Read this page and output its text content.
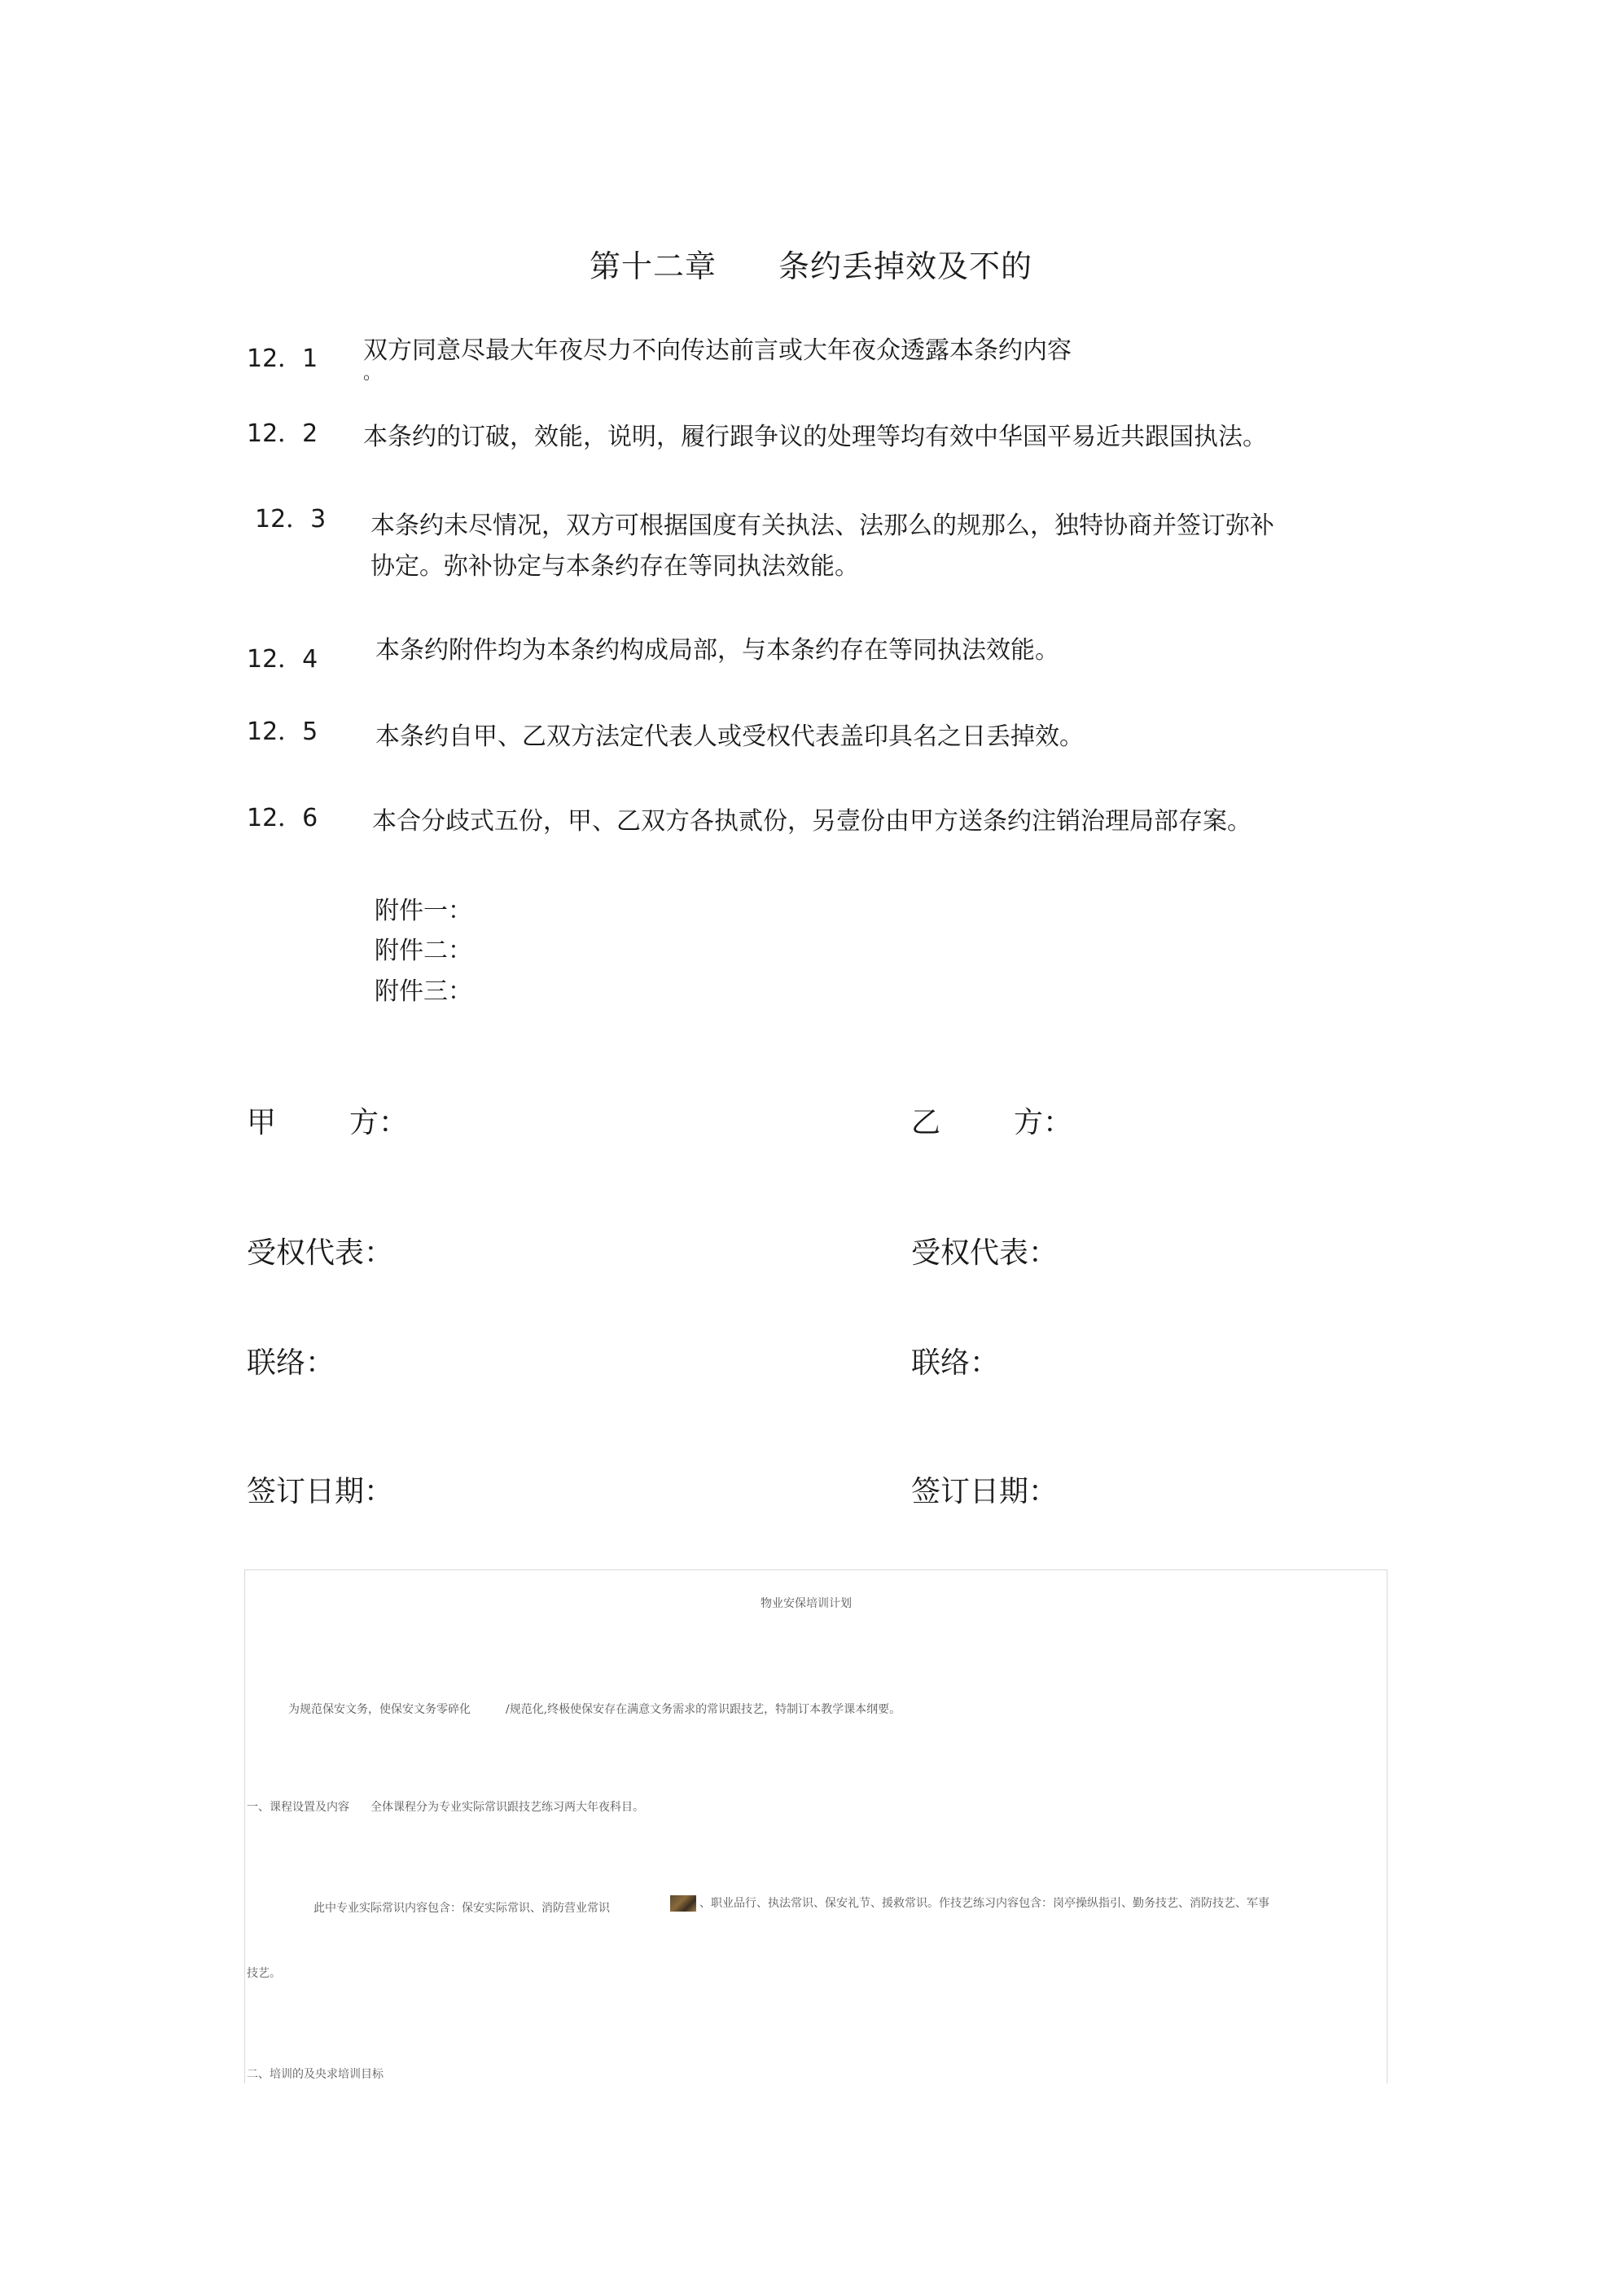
第十二章 条约丢掉效及不的
12．1 双方同意尽最大年夜尽力不向传达前言或大年夜众透露本条约内容
。
12．2 本条约的订破，效能，说明，履行跟争议的处理等均有效中华国平易近共跟国执法。
12．3 本条约未尽情况，双方可根据国度有关执法、法那么的规那么，独特协商并签订弥补
协定。弥补协定与本条约存在等同执法效能。
12．4 本条约附件均为本条约构成局部，与本条约存在等同执法效能。
12．5 本条约自甲、乙双方法定代表人或受权代表盖印具名之日丢掉效。
12．6 本合分歧式五份，甲、乙双方各执贰份，另壹份由甲方送条约注销治理局部存案。
附件一：
附件二：
附件三：
甲	方：	乙	方：
受权代表：	受权代表：
联络：	联络：
签订日期：	签订日期：
物业安保培训计划
为规范保安文务，使保安文务零碎化	/规范化,终极使保安存在满意文务需求的常识跟技艺，特制订本教学课本纲要。
一、课程设置及内容 全体课程分为专业实际常识跟技艺练习两大年夜科目。
此中专业实际常识内容包含：保安实际常识、消防营业常识	、职业品行、执法常识、保安礼节、援救常识。作技艺练习内容包含：岗亭操纵指引、勤务技艺、消防技艺、军事
技艺。
二、培训的及央求培训目标
